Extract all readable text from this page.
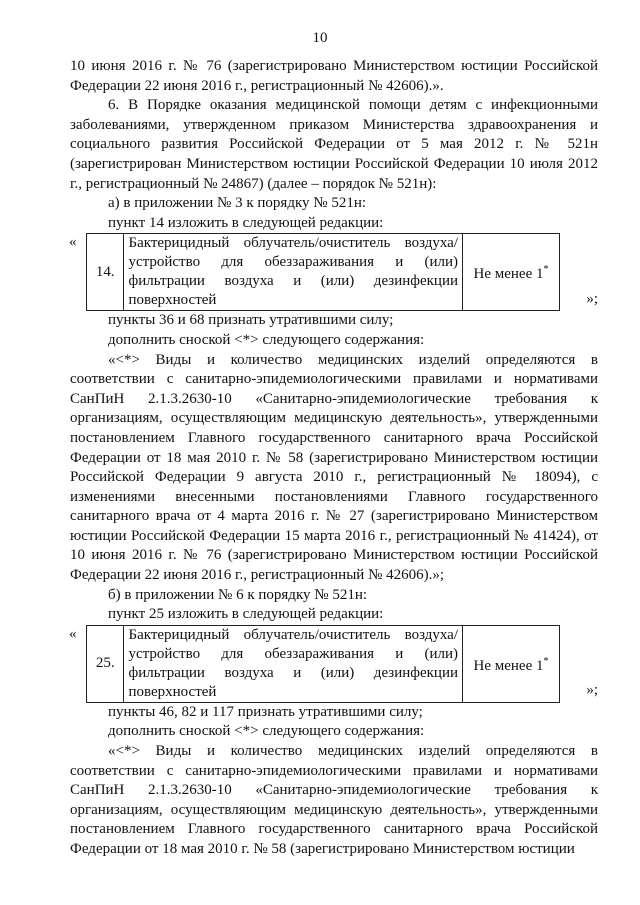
10

10 июня 2016 г. № 76 (зарегистрировано Министерством юстиции Российской Федерации 22 июня 2016 г., регистрационный № 42606).».

6. В Порядке оказания медицинской помощи детям с инфекционными заболеваниями, утвержденном приказом Министерства здравоохранения и социального развития Российской Федерации от 5 мая 2012 г. № 521н (зарегистрирован Министерством юстиции Российской Федерации 10 июля 2012 г., регистрационный № 24867) (далее – порядок № 521н):

а) в приложении № 3 к порядку № 521н:

пункт 14 изложить в следующей редакции:

«
14.	Бактерицидный облучатель/очиститель воздуха/устройство для обеззараживания и (или) фильтрации воздуха и (или) дезинфекции поверхностей	Не менее 1*
»;

пункты 36 и 68 признать утратившими силу;

дополнить сноской <*> следующего содержания:

«<*> Виды и количество медицинских изделий определяются в соответствии с санитарно-эпидемиологическими правилами и нормативами СанПиН 2.1.3.2630-10 «Санитарно-эпидемиологические требования к организациям, осуществляющим медицинскую деятельность», утвержденными постановлением Главного государственного санитарного врача Российской Федерации от 18 мая 2010 г. № 58 (зарегистрировано Министерством юстиции Российской Федерации 9 августа 2010 г., регистрационный № 18094), с изменениями внесенными постановлениями Главного государственного санитарного врача от 4 марта 2016 г. № 27 (зарегистрировано Министерством юстиции Российской Федерации 15 марта 2016 г., регистрационный № 41424), от 10 июня 2016 г. № 76 (зарегистрировано Министерством юстиции Российской Федерации 22 июня 2016 г., регистрационный № 42606).»;

б) в приложении № 6 к порядку № 521н:

пункт 25 изложить в следующей редакции:

«
25.	Бактерицидный облучатель/очиститель воздуха/устройство для обеззараживания и (или) фильтрации воздуха и (или) дезинфекции поверхностей	Не менее 1*
»;

пункты 46, 82 и 117 признать утратившими силу;

дополнить сноской <*> следующего содержания:

«<*> Виды и количество медицинских изделий определяются в соответствии с санитарно-эпидемиологическими правилами и нормативами СанПиН 2.1.3.2630-10 «Санитарно-эпидемиологические требования к организациям, осуществляющим медицинскую деятельность», утвержденными постановлением Главного государственного санитарного врача Российской Федерации от 18 мая 2010 г. № 58 (зарегистрировано Министерством юстиции
